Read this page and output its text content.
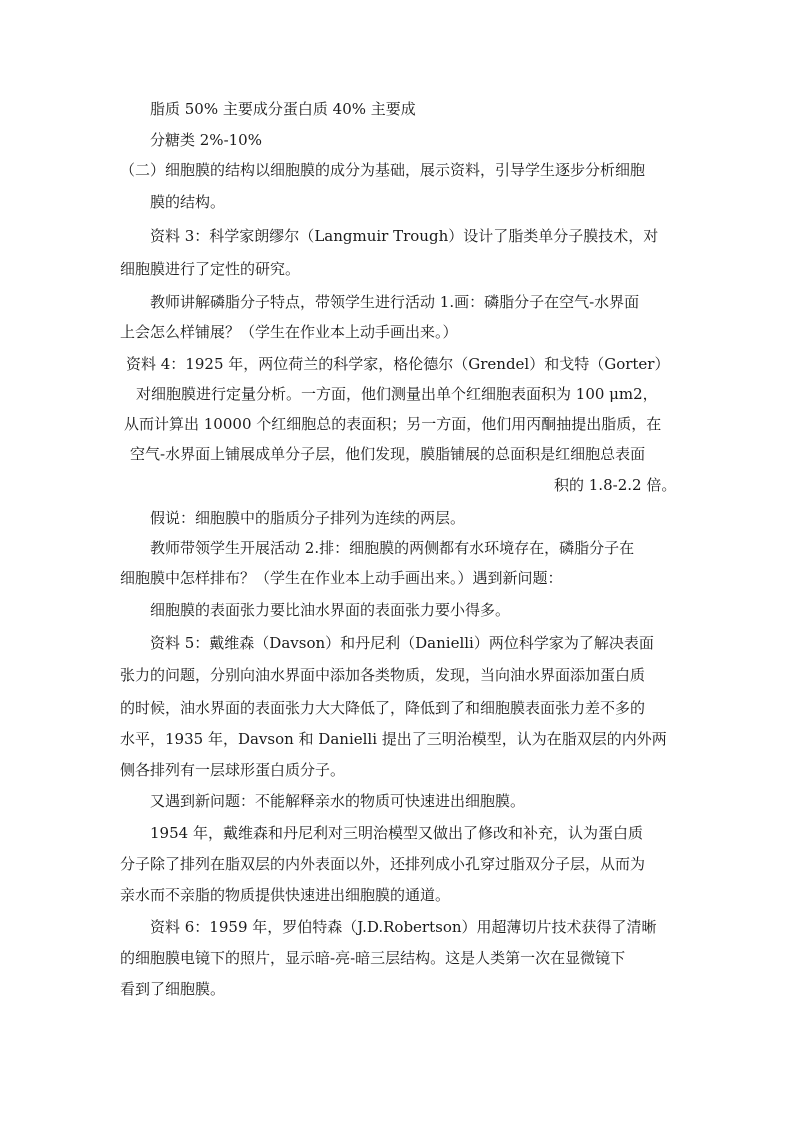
脂质 50% 主要成分蛋白质 40% 主要成

分糖类 2%-10%

（二）细胞膜的结构以细胞膜的成分为基础，展示资料，引导学生逐步分析细胞

膜的结构。

资料 3：科学家朗缪尔（Langmuir Trough）设计了脂类单分子膜技术，对

细胞膜进行了定性的研究。

教师讲解磷脂分子特点，带领学生进行活动 1.画：磷脂分子在空气-水界面

上会怎么样铺展？（学生在作业本上动手画出来。）

资料 4：1925 年，两位荷兰的科学家，格伦德尔（Grendel）和戈特（Gorter）

对细胞膜进行定量分析。一方面，他们测量出单个红细胞表面积为 100 μm2，

从而计算出 10000 个红细胞总的表面积；另一方面，他们用丙酮抽提出脂质，在

空气-水界面上铺展成单分子层，他们发现，膜脂铺展的总面积是红细胞总表面

积的 1.8-2.2 倍。

假说：细胞膜中的脂质分子排列为连续的两层。

教师带领学生开展活动 2.排：细胞膜的两侧都有水环境存在，磷脂分子在

细胞膜中怎样排布？（学生在作业本上动手画出来。）遇到新问题：

细胞膜的表面张力要比油水界面的表面张力要小得多。

资料 5：戴维森（Davson）和丹尼利（Danielli）两位科学家为了解决表面

张力的问题，分别向油水界面中添加各类物质，发现，当向油水界面添加蛋白质

的时候，油水界面的表面张力大大降低了，降低到了和细胞膜表面张力差不多的

水平，1935 年，Davson 和 Danielli 提出了三明治模型，认为在脂双层的内外两

侧各排列有一层球形蛋白质分子。

又遇到新问题：不能解释亲水的物质可快速进出细胞膜。

1954 年，戴维森和丹尼利对三明治模型又做出了修改和补充，认为蛋白质

分子除了排列在脂双层的内外表面以外，还排列成小孔穿过脂双分子层，从而为

亲水而不亲脂的物质提供快速进出细胞膜的通道。

资料 6：1959 年，罗伯特森（J.D.Robertson）用超薄切片技术获得了清晰

的细胞膜电镜下的照片，显示暗-亮-暗三层结构。这是人类第一次在显微镜下

看到了细胞膜。
